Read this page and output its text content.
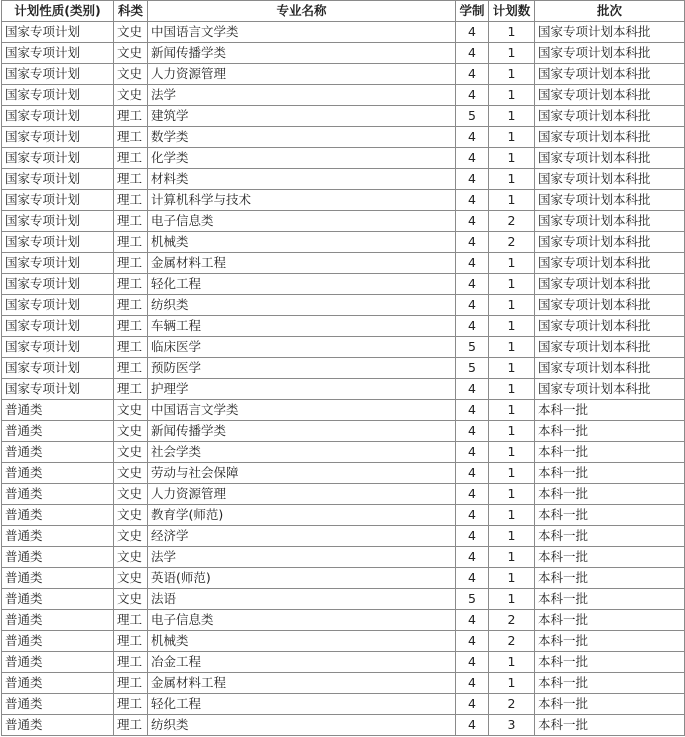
计划性质(类别)	科类	专业名称	学制	计划数	批次
国家专项计划	文史	中国语言文学类	4	1	国家专项计划本科批
国家专项计划	文史	新闻传播学类	4	1	国家专项计划本科批
国家专项计划	文史	人力资源管理	4	1	国家专项计划本科批
国家专项计划	文史	法学	4	1	国家专项计划本科批
国家专项计划	理工	建筑学	5	1	国家专项计划本科批
国家专项计划	理工	数学类	4	1	国家专项计划本科批
国家专项计划	理工	化学类	4	1	国家专项计划本科批
国家专项计划	理工	材料类	4	1	国家专项计划本科批
国家专项计划	理工	计算机科学与技术	4	1	国家专项计划本科批
国家专项计划	理工	电子信息类	4	2	国家专项计划本科批
国家专项计划	理工	机械类	4	2	国家专项计划本科批
国家专项计划	理工	金属材料工程	4	1	国家专项计划本科批
国家专项计划	理工	轻化工程	4	1	国家专项计划本科批
国家专项计划	理工	纺织类	4	1	国家专项计划本科批
国家专项计划	理工	车辆工程	4	1	国家专项计划本科批
国家专项计划	理工	临床医学	5	1	国家专项计划本科批
国家专项计划	理工	预防医学	5	1	国家专项计划本科批
国家专项计划	理工	护理学	4	1	国家专项计划本科批
普通类	文史	中国语言文学类	4	1	本科一批
普通类	文史	新闻传播学类	4	1	本科一批
普通类	文史	社会学类	4	1	本科一批
普通类	文史	劳动与社会保障	4	1	本科一批
普通类	文史	人力资源管理	4	1	本科一批
普通类	文史	教育学(师范)	4	1	本科一批
普通类	文史	经济学	4	1	本科一批
普通类	文史	法学	4	1	本科一批
普通类	文史	英语(师范)	4	1	本科一批
普通类	文史	法语	5	1	本科一批
普通类	理工	电子信息类	4	2	本科一批
普通类	理工	机械类	4	2	本科一批
普通类	理工	冶金工程	4	1	本科一批
普通类	理工	金属材料工程	4	1	本科一批
普通类	理工	轻化工程	4	2	本科一批
普通类	理工	纺织类	4	3	本科一批
